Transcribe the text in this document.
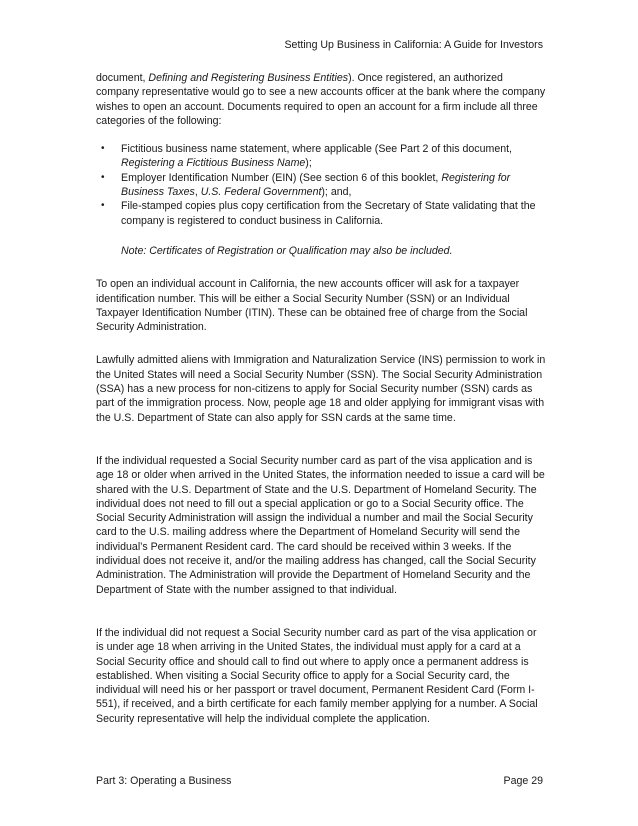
Setting Up Business in California: A Guide for Investors

document, Defining and Registering Business Entities). Once registered, an authorized company representative would go to see a new accounts officer at the bank where the company wishes to open an account. Documents required to open an account for a firm include all three categories of the following:

• Fictitious business name statement, where applicable (See Part 2 of this document, Registering a Fictitious Business Name);
• Employer Identification Number (EIN) (See section 6 of this booklet, Registering for Business Taxes, U.S. Federal Government); and,
• File-stamped copies plus copy certification from the Secretary of State validating that the company is registered to conduct business in California.

Note: Certificates of Registration or Qualification may also be included.

To open an individual account in California, the new accounts officer will ask for a taxpayer identification number. This will be either a Social Security Number (SSN) or an Individual Taxpayer Identification Number (ITIN). These can be obtained free of charge from the Social Security Administration.

Lawfully admitted aliens with Immigration and Naturalization Service (INS) permission to work in the United States will need a Social Security Number (SSN). The Social Security Administration (SSA) has a new process for non-citizens to apply for Social Security number (SSN) cards as part of the immigration process. Now, people age 18 and older applying for immigrant visas with the U.S. Department of State can also apply for SSN cards at the same time.

If the individual requested a Social Security number card as part of the visa application and is age 18 or older when arrived in the United States, the information needed to issue a card will be shared with the U.S. Department of State and the U.S. Department of Homeland Security. The individual does not need to fill out a special application or go to a Social Security office. The Social Security Administration will assign the individual a number and mail the Social Security card to the U.S. mailing address where the Department of Homeland Security will send the individual’s Permanent Resident card. The card should be received within 3 weeks. If the individual does not receive it, and/or the mailing address has changed, call the Social Security Administration. The Administration will provide the Department of Homeland Security and the Department of State with the number assigned to that individual.

If the individual did not request a Social Security number card as part of the visa application or is under age 18 when arriving in the United States, the individual must apply for a card at a Social Security office and should call to find out where to apply once a permanent address is established. When visiting a Social Security office to apply for a Social Security card, the individual will need his or her passport or travel document, Permanent Resident Card (Form I-551), if received, and a birth certificate for each family member applying for a number. A Social Security representative will help the individual complete the application.

Part 3: Operating a Business	Page 29
